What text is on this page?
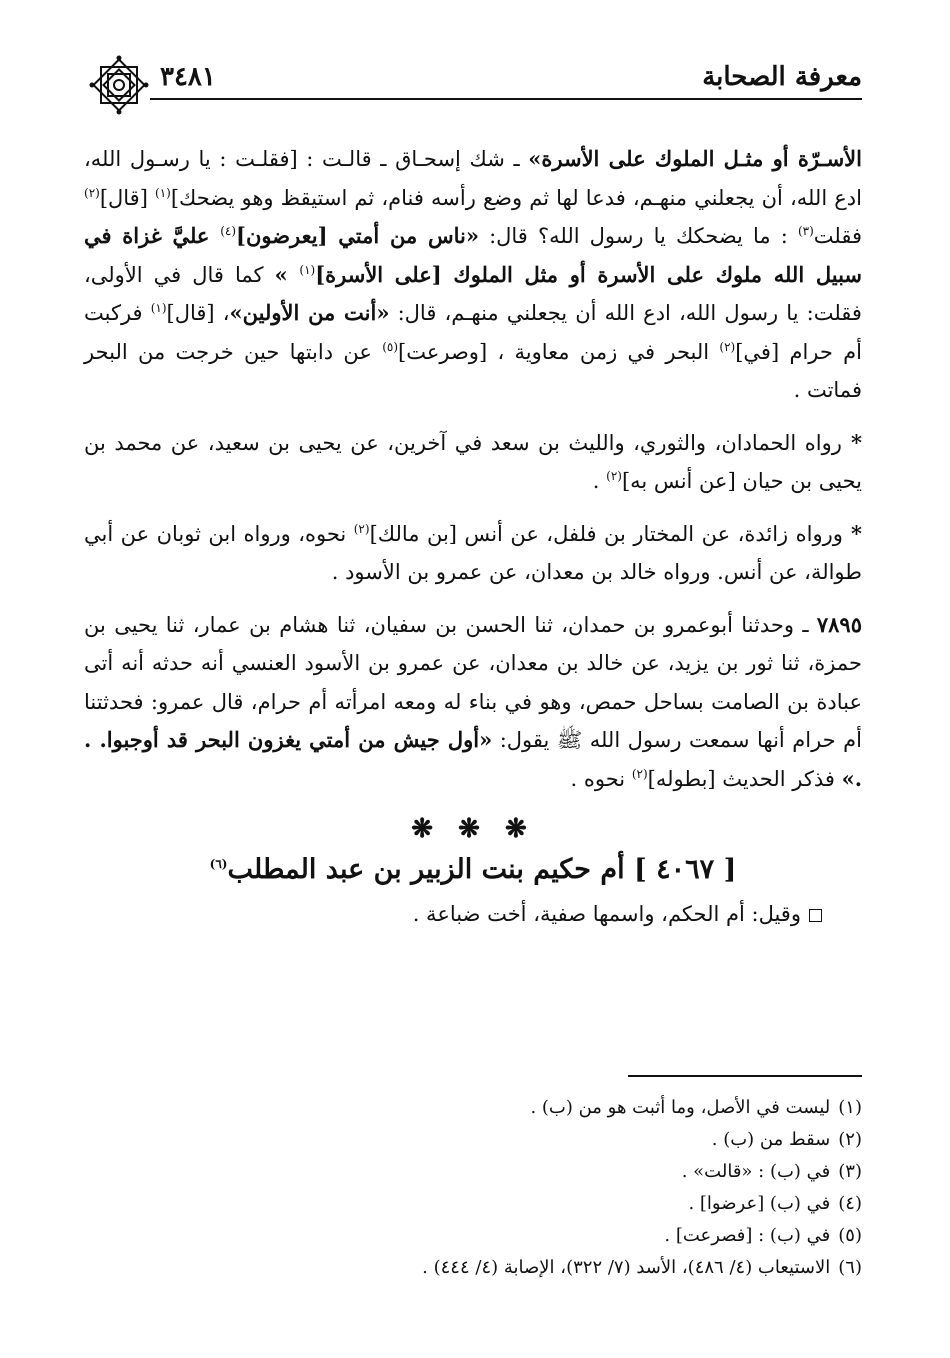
معرفة الصحابة
٣٤٨١

الأسـرّة أو مثـل الملوك على الأسرة» ـ شك إسحـاق ـ قالـت : [فقلـت : يا رسـول الله، ادع الله، أن يجعلني منهـم، فدعا لها ثم وضع رأسه فنام، ثم استيقظ وهو يضحك]$^{(١)}$ [قال]$^{(٢)}$ فقلت$^{(٣)}$ : ما يضحكك يا رسول الله؟ قال: «ناس من أمتي [يعرضون]$^{(٤)}$ عليَّ غزاة في سبيل الله ملوك على الأسرة أو مثل الملوك [على الأسرة]$^{(١)}$ » كما قال في الأولى، فقلت: يا رسول الله، ادع الله أن يجعلني منهـم، قال: «أنت من الأولين»، [قال]$^{(١)}$ فركبت أم حرام [في]$^{(٢)}$ البحر في زمن معاوية ، [وصرعت]$^{(٥)}$ عن دابتها حين خرجت من البحر فماتت .

* رواه الحمادان، والثوري، والليث بن سعد في آخرين، عن يحيى بن سعيد، عن محمد بن يحيى بن حيان [عن أنس به]$^{(٢)}$ .

* ورواه زائدة، عن المختار بن فلفل، عن أنس [بن مالك]$^{(٢)}$ نحوه، ورواه ابن ثوبان عن أبي طوالة، عن أنس. ورواه خالد بن معدان، عن عمرو بن الأسود .

٧٨٩٥ ـ وحدثنا أبوعمرو بن حمدان، ثنا الحسن بن سفيان، ثنا هشام بن عمار، ثنا يحيى بن حمزة، ثنا ثور بن يزيد، عن خالد بن معدان، عن عمرو بن الأسود العنسي أنه حدثه أنه أتى عبادة بن الصامت بساحل حمص، وهو في بناء له ومعه امرأته أم حرام، قال عمرو: فحدثتنا أم حرام أنها سمعت رسول الله ﷺ يقول: «أول جيش من أمتي يغزون البحر قد أوجبوا. . .» فذكر الحديث [بطوله]$^{(٢)}$ نحوه .

❋ ❋ ❋
[ ٤٠٦٧ ] أم حكيم بنت الزبير بن عبد المطلب$^{(٦)}$

وقيل: أم الحكم، واسمها صفية، أخت ضباعة .

(١)ليست في الأصل، وما أثبت هو من (ب) .
(٢)سقط من (ب) .
(٣)في (ب) : «قالت» .
(٤)في (ب) [عرضوا] .
(٥)في (ب) : [فصرعت] .
(٦)الاستيعاب (٤/ ٤٨٦)، الأسد (٧/ ٣٢٢)، الإصابة (٤/ ٤٤٤) .
